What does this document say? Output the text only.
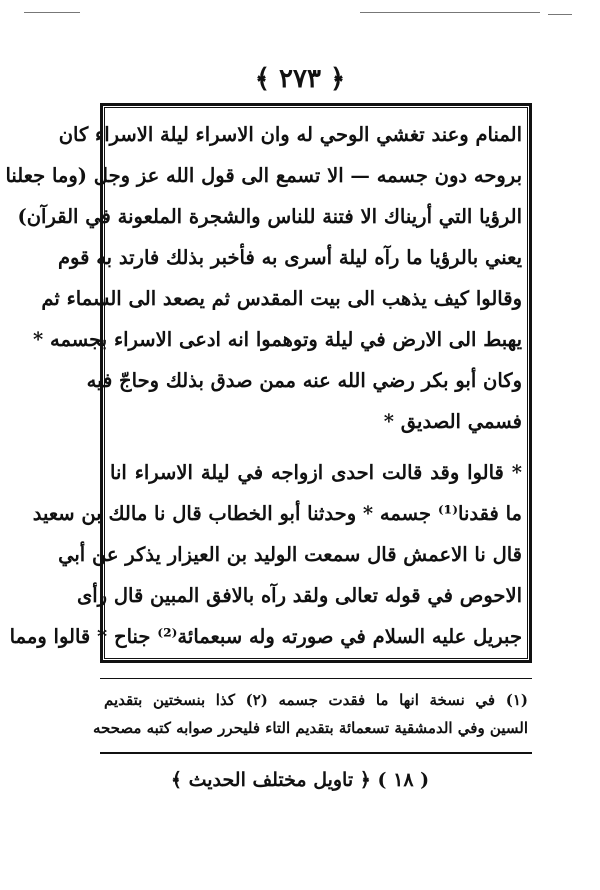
﴿ ٢٧٣ ﴾
المنام وعند تغشي الوحي له وان الاسراء ليلة الاسراء كان
بروحه دون جسمه — الا تسمع الى قول الله عز وجل (وما جعلنا
الرؤيا التي أريناك الا فتنة للناس والشجرة الملعونة في القرآن)
يعني بالرؤيا ما رآه ليلة أسرى به فأخبر بذلك فارتد به قوم
وقالوا كيف يذهب الى بيت المقدس ثم يصعد الى السماء ثم
يهبط الى الارض في ليلة وتوهموا انه ادعى الاسراء بجسمه *
وكان أبو بكر رضي الله عنه ممن صدق بذلك وحاجّ فيه
فسمي الصديق *
* قالوا وقد قالت احدى ازواجه في ليلة الاسراء انا
ما فقدنا⁽¹⁾ جسمه * وحدثنا أبو الخطاب قال نا مالك بن سعيد
قال نا الاعمش قال سمعت الوليد بن العيزار يذكر عن أبي
الاحوص في قوله تعالى ولقد رآه بالافق المبين قال رأى
جبريل عليه السلام في صورته وله سبعمائة⁽²⁾ جناح * قالوا ومما
(١) في نسخة انها ما فقدت جسمه (٢) كذا بنسختين بتقديم
السين وفي الدمشقية تسعمائة بتقديم التاء فليحرر صوابه كتبه مصححه
( ١٨ ) ﴿ تاويل مختلف الحديث ﴾
